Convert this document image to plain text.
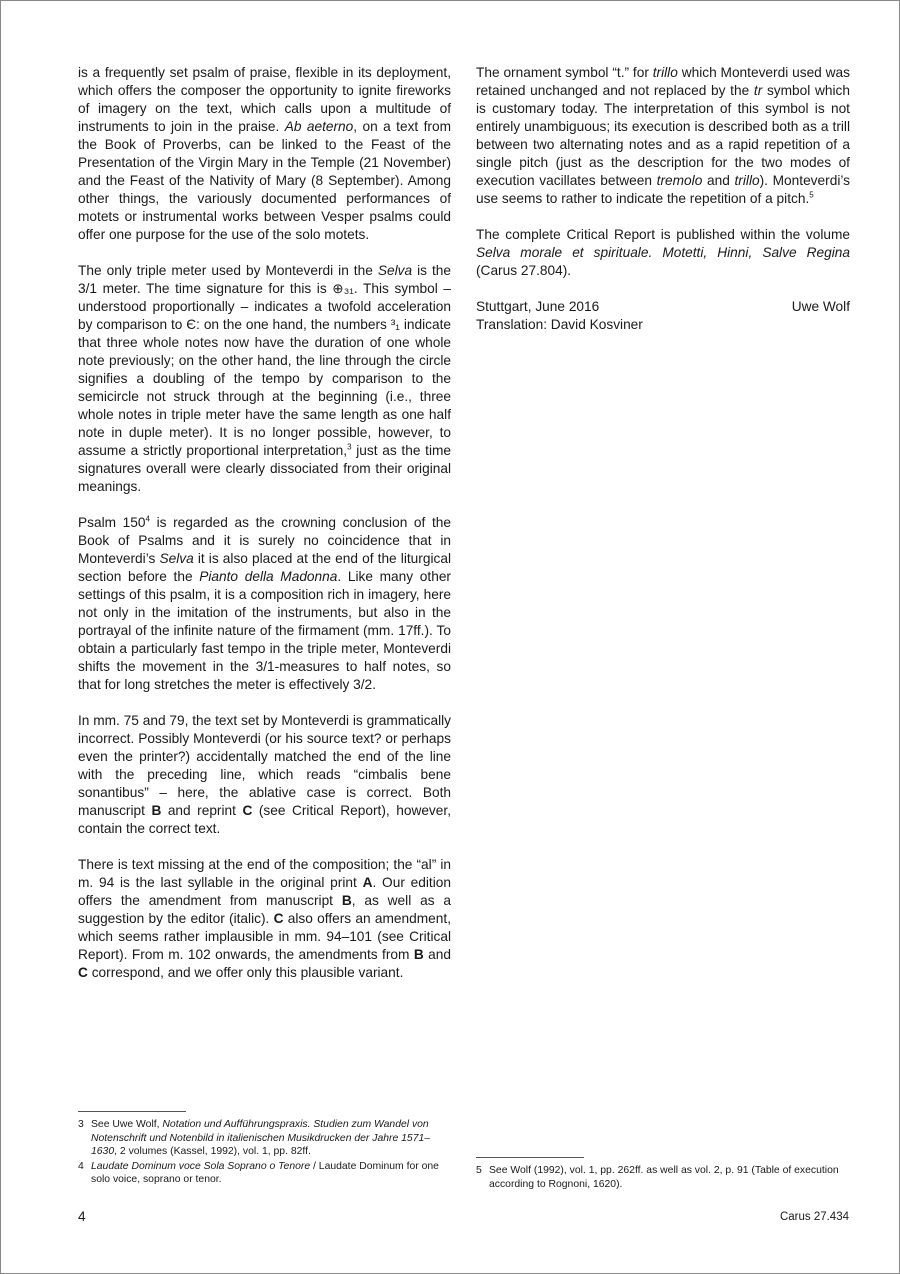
is a frequently set psalm of praise, flexible in its deployment, which offers the composer the opportunity to ignite fireworks of imagery on the text, which calls upon a multitude of instruments to join in the praise. Ab aeterno, on a text from the Book of Proverbs, can be linked to the Feast of the Presentation of the Virgin Mary in the Temple (21 November) and the Feast of the Nativity of Mary (8 September). Among other things, the variously documented performances of motets or instrumental works between Vesper psalms could offer one purpose for the use of the solo motets.

The only triple meter used by Monteverdi in the Selva is the 3/1 meter. The time signature for this is ⊕₃₁. This symbol – understood proportionally – indicates a twofold acceleration by comparison to Є: on the one hand, the numbers ³₁ indicate that three whole notes now have the duration of one whole note previously; on the other hand, the line through the circle signifies a doubling of the tempo by comparison to the semicircle not struck through at the beginning (i.e., three whole notes in triple meter have the same length as one half note in duple meter). It is no longer possible, however, to assume a strictly proportional interpretation,$^3$ just as the time signatures overall were clearly dissociated from their original meanings.

Psalm $150^4$ is regarded as the crowning conclusion of the Book of Psalms and it is surely no coincidence that in Monteverdi’s Selva it is also placed at the end of the liturgical section before the Pianto della Madonna. Like many other settings of this psalm, it is a composition rich in imagery, here not only in the imitation of the instruments, but also in the portrayal of the infinite nature of the firmament (mm. 17ff.). To obtain a particularly fast tempo in the triple meter, Monteverdi shifts the movement in the 3/1-measures to half notes, so that for long stretches the meter is effectively 3/2.

In mm. 75 and 79, the text set by Monteverdi is grammatically incorrect. Possibly Monteverdi (or his source text? or perhaps even the printer?) accidentally matched the end of the line with the preceding line, which reads “cimbalis bene sonantibus” – here, the ablative case is correct. Both manuscript B and reprint C (see Critical Report), however, contain the correct text.

There is text missing at the end of the composition; the “al” in m. 94 is the last syllable in the original print A. Our edition offers the amendment from manuscript B, as well as a suggestion by the editor (italic). C also offers an amendment, which seems rather implausible in mm. 94–101 (see Critical Report). From m. 102 onwards, the amendments from B and C correspond, and we offer only this plausible variant.

The ornament symbol “t.” for trillo which Monteverdi used was retained unchanged and not replaced by the tr symbol which is customary today. The interpretation of this symbol is not entirely unambiguous; its execution is described both as a trill between two alternating notes and as a rapid repetition of a single pitch (just as the description for the two modes of execution vacillates between tremolo and trillo). Monteverdi’s use seems to rather to indicate the repetition of a pitch.$^5$

The complete Critical Report is published within the volume Selva morale et spirituale. Motetti, Hinni, Salve Regina (Carus 27.804).

Stuttgart, June 2016	Uwe Wolf
Translation: David Kosviner
3 See Uwe Wolf, Notation und Aufführungspraxis. Studien zum Wandel von Notenschrift und Notenbild in italienischen Musikdrucken der Jahre 1571–1630, 2 volumes (Kassel, 1992), vol. 1, pp. 82ff.
4 Laudate Dominum voce Sola Soprano o Tenore / Laudate Dominum for one solo voice, soprano or tenor.
5 See Wolf (1992), vol. 1, pp. 262ff. as well as vol. 2, p. 91 (Table of execution according to Rognoni, 1620).
4	Carus 27.434
